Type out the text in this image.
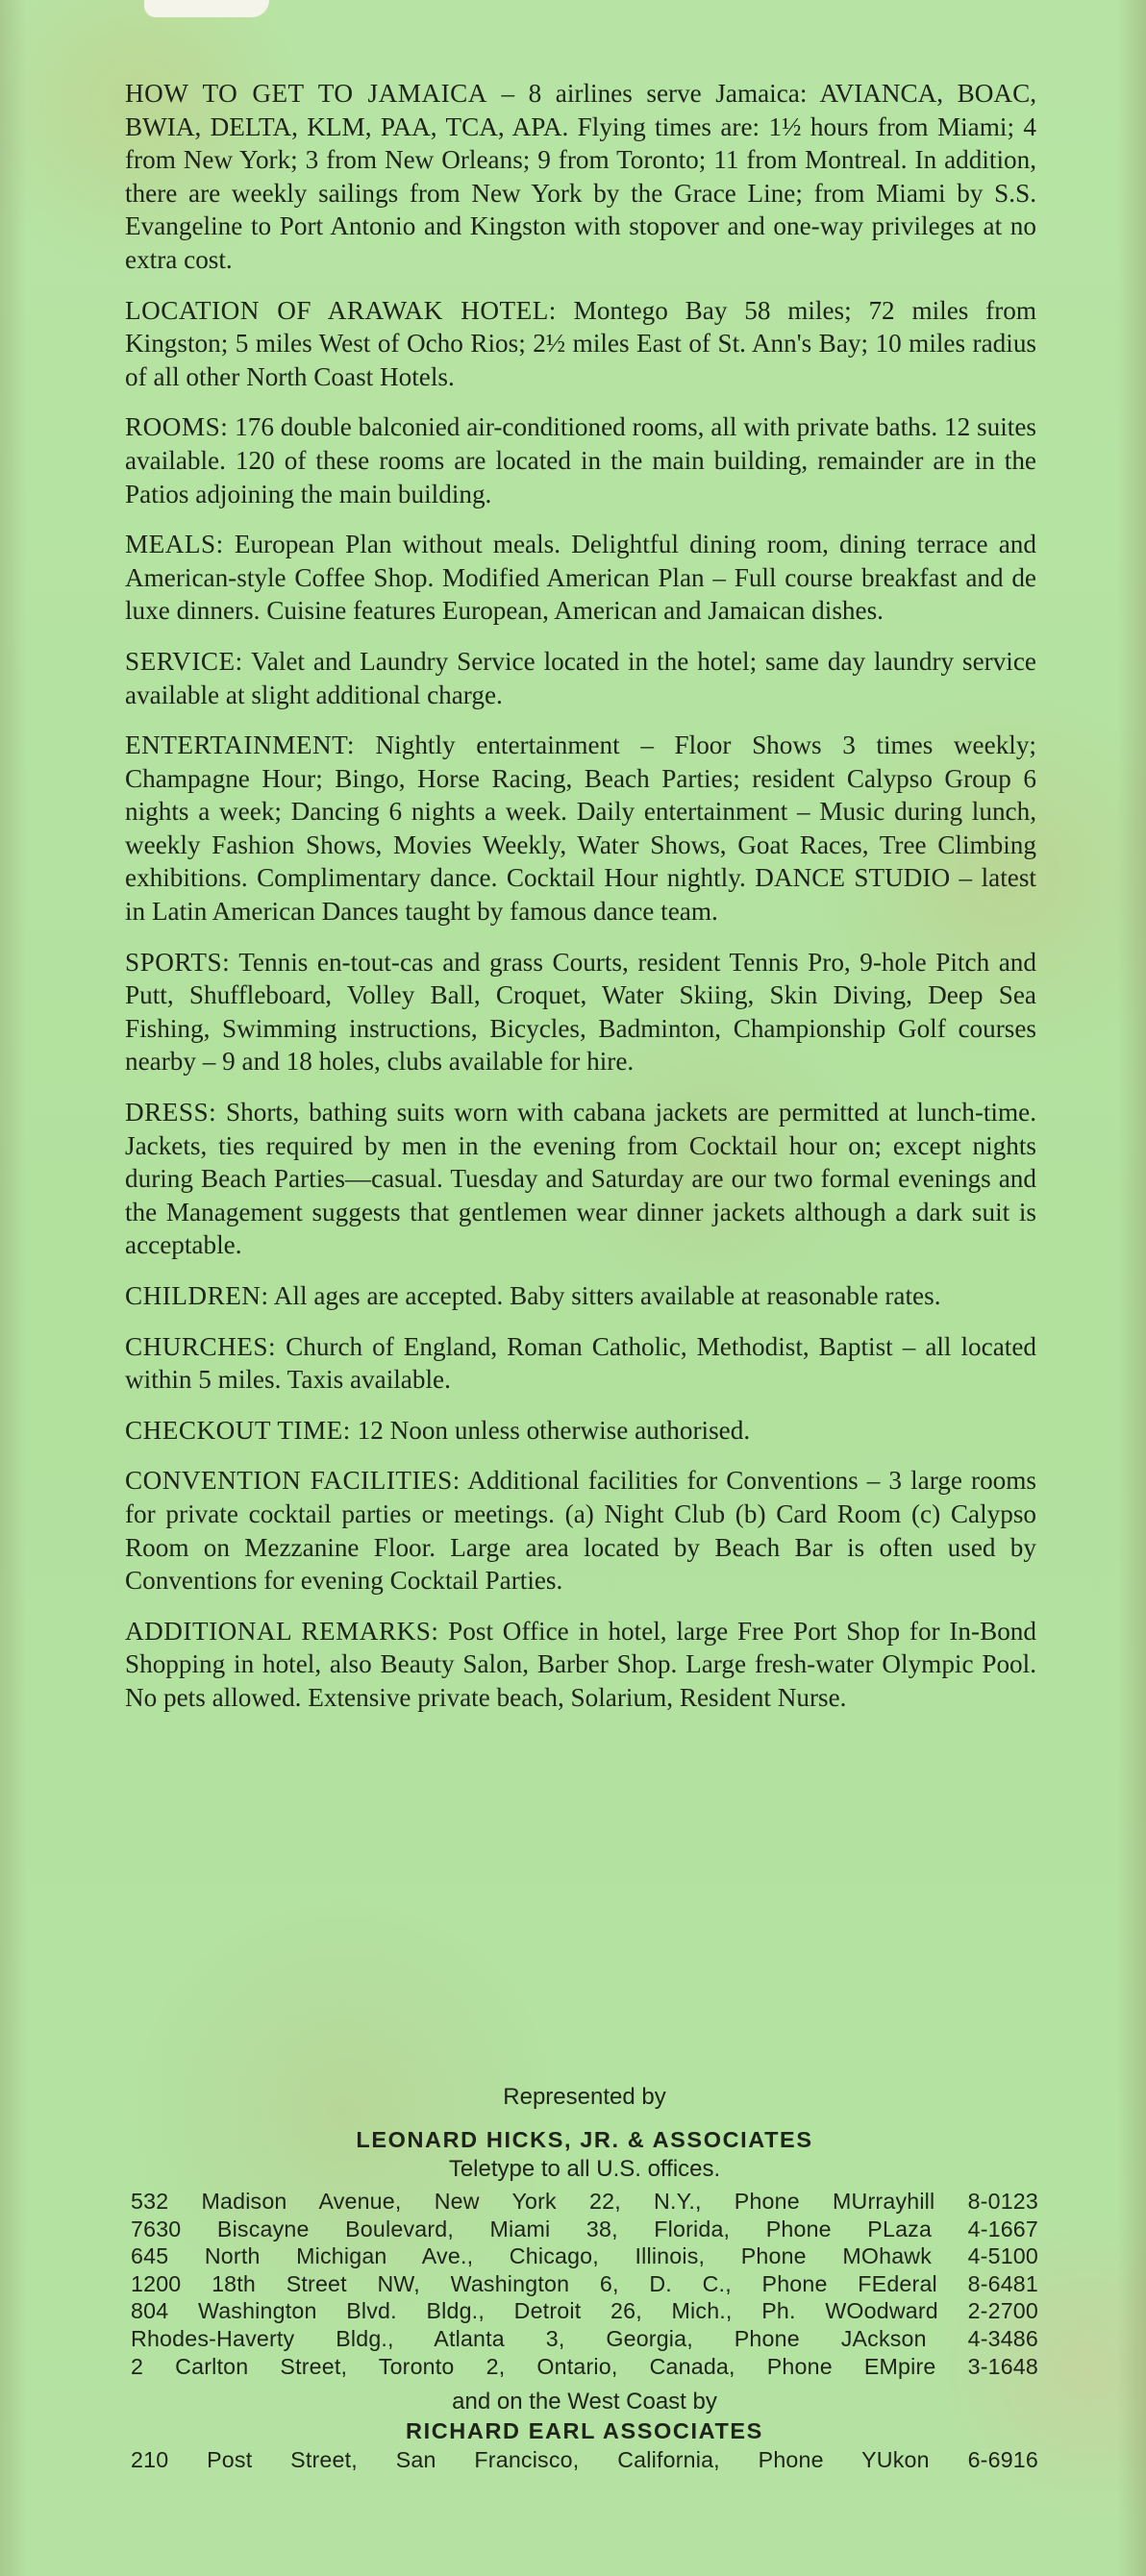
HOW TO GET TO JAMAICA – 8 airlines serve Jamaica: AVIANCA, BOAC, BWIA, DELTA, KLM, PAA, TCA, APA. Flying times are: 1½ hours from Miami; 4 from New York; 3 from New Orleans; 9 from Toronto; 11 from Montreal. In addition, there are weekly sailings from New York by the Grace Line; from Miami by S.S. Evangeline to Port Antonio and Kingston with stopover and one-way privileges at no extra cost.

LOCATION OF ARAWAK HOTEL: Montego Bay 58 miles; 72 miles from Kingston; 5 miles West of Ocho Rios; 2½ miles East of St. Ann's Bay; 10 miles radius of all other North Coast Hotels.

ROOMS: 176 double balconied air-conditioned rooms, all with private baths. 12 suites available. 120 of these rooms are located in the main building, remainder are in the Patios adjoining the main building.

MEALS: European Plan without meals. Delightful dining room, dining terrace and American-style Coffee Shop. Modified American Plan – Full course breakfast and de luxe dinners. Cuisine features European, American and Jamaican dishes.

SERVICE: Valet and Laundry Service located in the hotel; same day laundry service available at slight additional charge.

ENTERTAINMENT: Nightly entertainment – Floor Shows 3 times weekly; Champagne Hour; Bingo, Horse Racing, Beach Parties; resident Calypso Group 6 nights a week; Dancing 6 nights a week. Daily entertainment – Music during lunch, weekly Fashion Shows, Movies Weekly, Water Shows, Goat Races, Tree Climbing exhibitions. Complimentary dance. Cocktail Hour nightly. DANCE STUDIO – latest in Latin American Dances taught by famous dance team.

SPORTS: Tennis en-tout-cas and grass Courts, resident Tennis Pro, 9-hole Pitch and Putt, Shuffleboard, Volley Ball, Croquet, Water Skiing, Skin Diving, Deep Sea Fishing, Swimming instructions, Bicycles, Badminton, Championship Golf courses nearby – 9 and 18 holes, clubs available for hire.

DRESS: Shorts, bathing suits worn with cabana jackets are permitted at lunch-time. Jackets, ties required by men in the evening from Cocktail hour on; except nights during Beach Parties—casual. Tuesday and Saturday are our two formal evenings and the Management suggests that gentlemen wear dinner jackets although a dark suit is acceptable.

CHILDREN: All ages are accepted. Baby sitters available at reasonable rates.

CHURCHES: Church of England, Roman Catholic, Methodist, Baptist – all located within 5 miles. Taxis available.

CHECKOUT TIME: 12 Noon unless otherwise authorised.

CONVENTION FACILITIES: Additional facilities for Conventions – 3 large rooms for private cocktail parties or meetings. (a) Night Club (b) Card Room (c) Calypso Room on Mezzanine Floor. Large area located by Beach Bar is often used by Conventions for evening Cocktail Parties.

ADDITIONAL REMARKS: Post Office in hotel, large Free Port Shop for In-Bond Shopping in hotel, also Beauty Salon, Barber Shop. Large fresh-water Olympic Pool. No pets allowed. Extensive private beach, Solarium, Resident Nurse.

Represented by
LEONARD HICKS, JR. & ASSOCIATES
Teletype to all U.S. offices.
532 Madison Avenue, New York 22, N.Y., Phone MUrrayhill 8-0123
7630 Biscayne Boulevard, Miami 38, Florida, Phone PLaza 4-1667
645 North Michigan Ave., Chicago, Illinois, Phone MOhawk 4-5100
1200 18th Street NW, Washington 6, D. C., Phone FEderal 8-6481
804 Washington Blvd. Bldg., Detroit 26, Mich., Ph. WOodward 2-2700
Rhodes-Haverty Bldg., Atlanta 3, Georgia, Phone JAckson 4-3486
2 Carlton Street, Toronto 2, Ontario, Canada, Phone EMpire 3-1648
and on the West Coast by
RICHARD EARL ASSOCIATES
210 Post Street, San Francisco, California, Phone YUkon 6-6916
